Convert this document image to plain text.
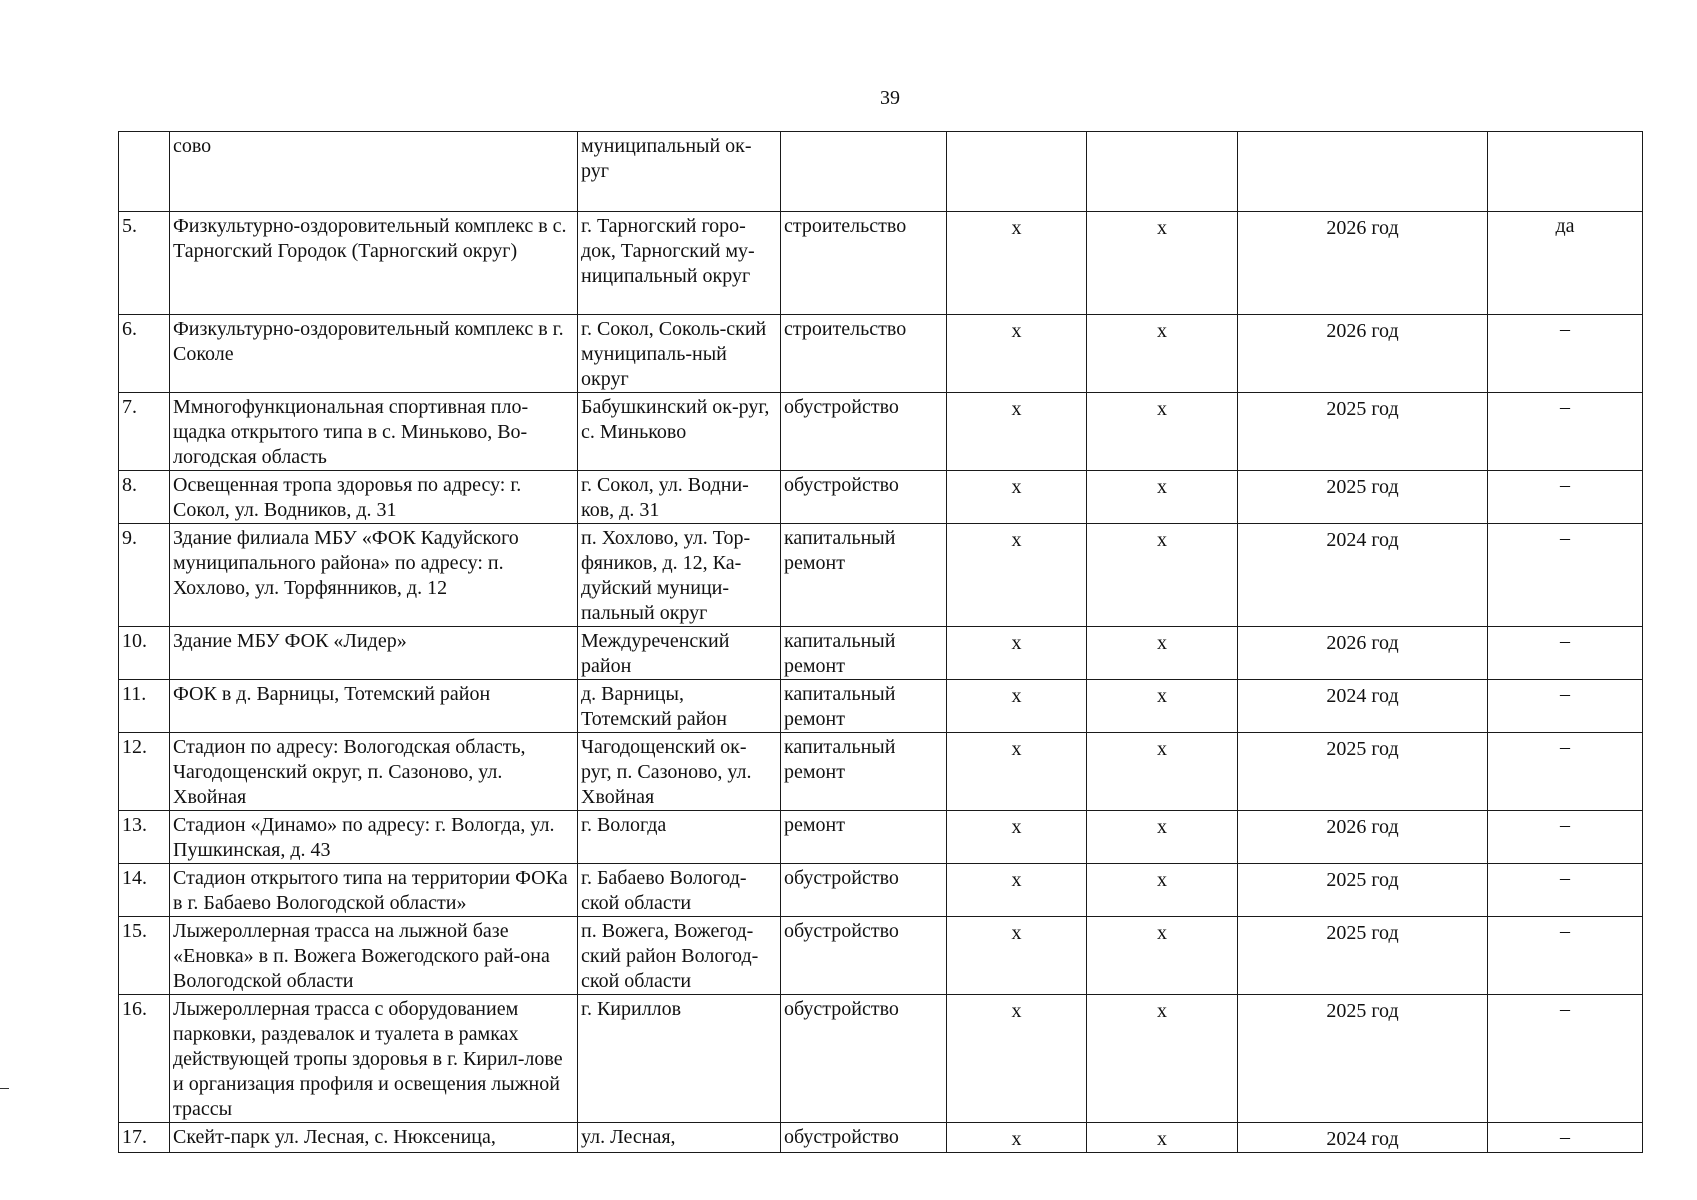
39
	сово	муниципальный ок-руг					
5.	Физкультурно-оздоровительный комплекс в с. Тарногский Городок (Тарногский округ)	г. Тарногский горо-док, Тарногский му-ниципальный округ	строительство	х	х	2026 год	да
6.	Физкультурно-оздоровительный комплекс в г. Соколе	г. Сокол, Соколь-ский муниципаль-ный округ	строительство	х	х	2026 год	–
7.	Ммногофункциональная спортивная пло-щадка открытого типа в с. Миньково, Во-логодская область	Бабушкинский ок-руг, с. Миньково	обустройство	х	х	2025 год	–
8.	Освещенная тропа здоровья по адресу: г. Сокол, ул. Водников, д. 31	г. Сокол, ул. Водни-ков, д. 31	обустройство	х	х	2025 год	–
9.	Здание филиала МБУ «ФОК Кадуйского муниципального района» по адресу: п. Хохлово, ул. Торфянников, д. 12	п. Хохлово, ул. Тор-фяников, д. 12, Ка-дуйский муници-пальный округ	капитальный ремонт	х	х	2024 год	–
10.	Здание МБУ ФОК «Лидер»	Междуреченский район	капитальный ремонт	х	х	2026 год	–
11.	ФОК в д. Варницы, Тотемский район	д. Варницы, Тотемский район	капитальный ремонт	х	х	2024 год	–
12.	Стадион по адресу: Вологодская область, Чагодощенский округ, п. Сазоново, ул. Хвойная	Чагодощенский ок-руг, п. Сазоново, ул. Хвойная	капитальный ремонт	х	х	2025 год	–
13.	Стадион «Динамо» по адресу: г. Вологда, ул. Пушкинская, д. 43	г. Вологда	ремонт	х	х	2026 год	–
14.	Стадион открытого типа на территории ФОКа в г. Бабаево Вологодской области»	г. Бабаево Вологод-ской области	обустройство	х	х	2025 год	–
15.	Лыжероллерная трасса на лыжной базе «Еновка» в п. Вожега Вожегодского рай-она Вологодской области	п. Вожега, Вожегод-ский район Вологод-ской области	обустройство	х	х	2025 год	–
16.	Лыжероллерная трасса с оборудованием парковки, раздевалок и туалета в рамках действующей тропы здоровья в г. Кирил-лове и организация профиля и освещения лыжной трассы	г. Кириллов	обустройство	х	х	2025 год	–
17.	Скейт-парк ул. Лесная, с. Нюксеница,	ул. Лесная,	обустройство	х	х	2024 год	–
